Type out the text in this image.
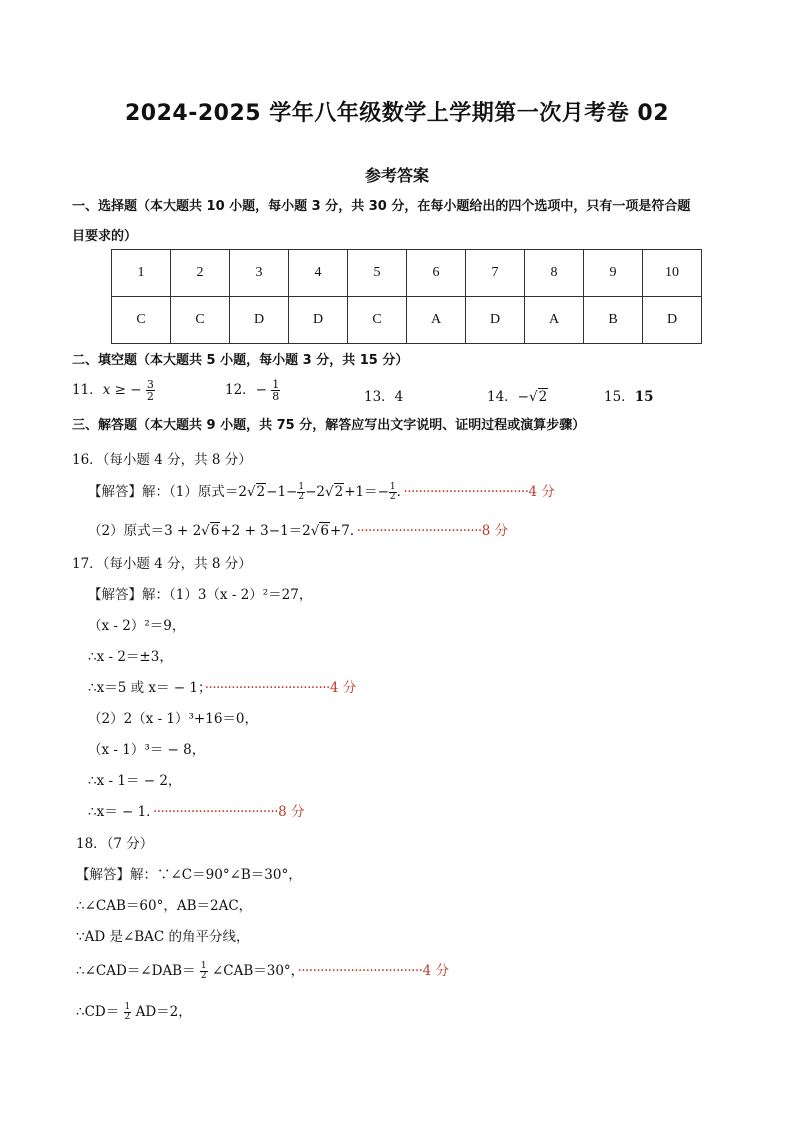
2024-2025 学年八年级数学上学期第一次月考卷 02
参考答案
一、选择题（本大题共 10 小题，每小题 3 分，共 30 分，在每小题给出的四个选项中，只有一项是符合题
目要求的）
1	2	3	4	5	6	7	8	9	10
C	C	D	D	C	A	D	A	B	D
二、填空题（本大题共 5 小题，每小题 3 分，共 15 分）
11．x ≥ − $\frac{3}{2}$	12．− $\frac{1}{8}$	13．4	14．−√2	15．15
三、解答题（本大题共 9 小题，共 75 分，解答应写出文字说明、证明过程或演算步骤）
16．（每小题 4 分，共 8 分）
【解答】解：（1）原式$=2√2-1- \frac{1}{2} -2√2+1=- \frac{1}{2}$ ．·································4 分
（2）原式＝3 + 2√6+2 + 3−1＝2√6+7．·································8 分
17．（每小题 4 分，共 8 分）
【解答】解：（1）3（x - 2）²＝27，
（x - 2）²＝9，
∴x - 2＝±3，
∴x＝5 或 x＝ − 1；·································4 分
（2）2（x - 1）³+16＝0，
（x - 1）³＝ − 8，
∴x - 1＝ − 2，
∴x＝ − 1．·································8 分
18．（7 分）
【解答】解：∵∠C＝90°∠B＝30°，
∴∠CAB＝60°，AB＝2AC，
∵AD 是∠BAC 的角平分线，
∴∠CAD＝∠DAB＝ $\frac{1}{2}$ ∠CAB＝30°，·································4 分
∴CD＝ $\frac{1}{2} AD=2$，
